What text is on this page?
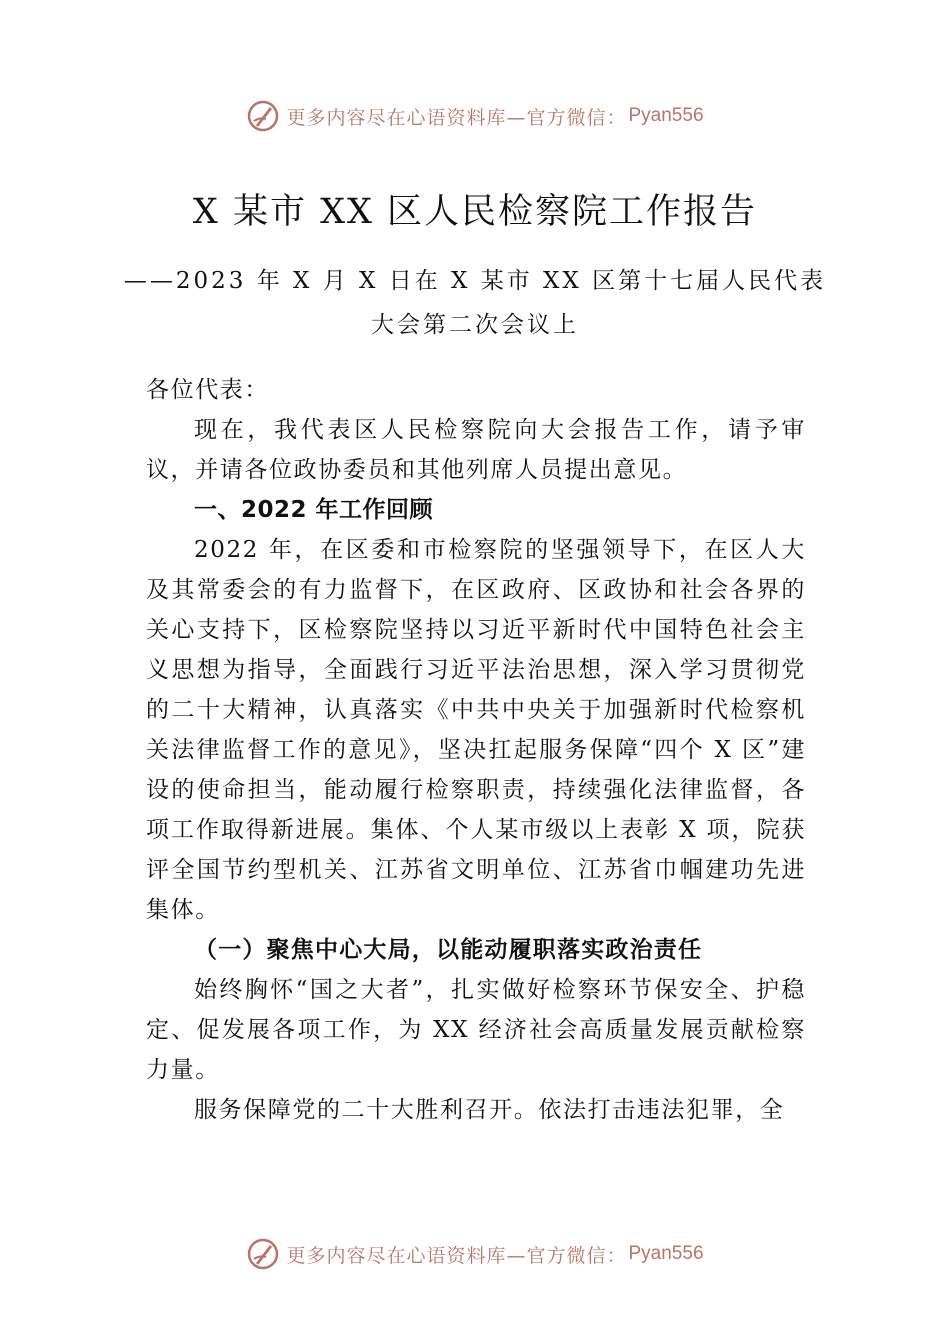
更多内容尽在心语资料库—官方微信： Pyan556
X 某市 XX 区人民检察院工作报告
——2023 年 X 月 X 日在 X 某市 XX 区第十七届人民代表
大会第二次会议上

各位代表：

现在，我代表区人民检察院向大会报告工作，请予审议，并请各位政协委员和其他列席人员提出意见。

一、2022 年工作回顾

2022 年，在区委和市检察院的坚强领导下，在区人大及其常委会的有力监督下，在区政府、区政协和社会各界的关心支持下，区检察院坚持以习近平新时代中国特色社会主义思想为指导，全面践行习近平法治思想，深入学习贯彻党的二十大精神，认真落实《中共中央关于加强新时代检察机关法律监督工作的意见》，坚决扛起服务保障“四个 X 区”建设的使命担当，能动履行检察职责，持续强化法律监督，各 项工作取得新进展。集体、个人某市级以上表彰 X 项，院获评全国节约型机关、江苏省文明单位、江苏省巾帼建功先进集体。

（一）聚焦中心大局，以能动履职落实政治责任

始终胸怀“国之大者”，扎实做好检察环节保安全、护稳定、促发展各项工作，为 XX 经济社会高质量发展贡献检察力量。

服务保障党的二十大胜利召开。依法打击违法犯罪，全

更多内容尽在心语资料库—官方微信： Pyan556
